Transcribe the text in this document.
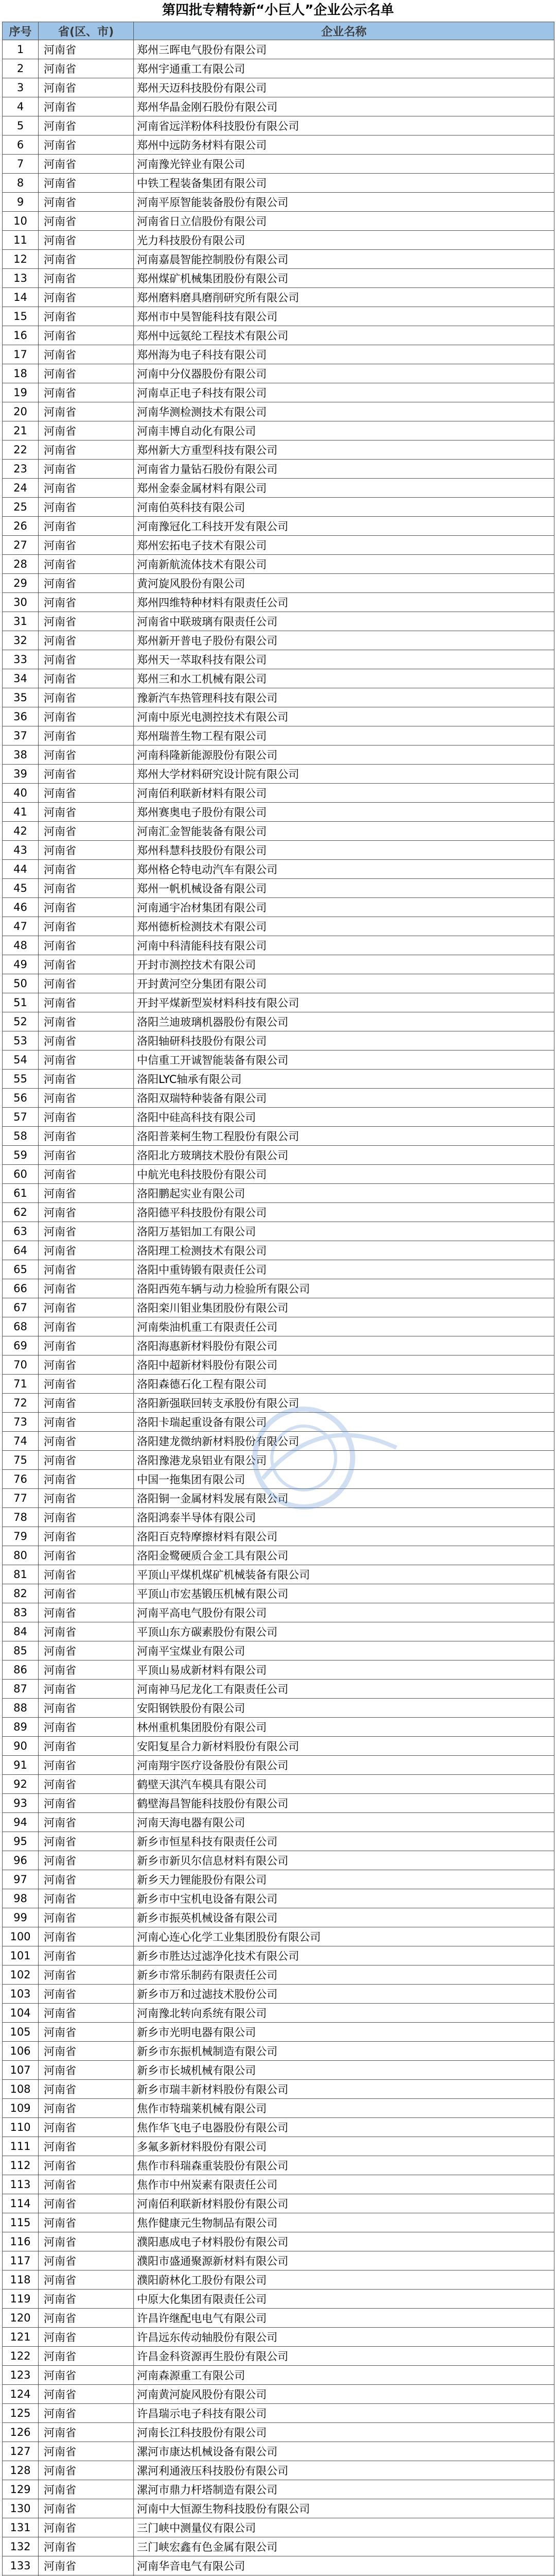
第四批专精特新“小巨人”企业公示名单
序号	省(区、市)	企业名称
1	河南省	郑州三晖电气股份有限公司
2	河南省	郑州宇通重工有限公司
3	河南省	郑州天迈科技股份有限公司
4	河南省	郑州华晶金刚石股份有限公司
5	河南省	河南省远洋粉体科技股份有限公司
6	河南省	郑州中远防务材料有限公司
7	河南省	河南豫光锌业有限公司
8	河南省	中铁工程装备集团有限公司
9	河南省	河南平原智能装备股份有限公司
10	河南省	河南省日立信股份有限公司
11	河南省	光力科技股份有限公司
12	河南省	河南嘉晨智能控制股份有限公司
13	河南省	郑州煤矿机械集团股份有限公司
14	河南省	郑州磨料磨具磨削研究所有限公司
15	河南省	郑州市中昊智能科技有限公司
16	河南省	郑州中远氨纶工程技术有限公司
17	河南省	郑州海为电子科技有限公司
18	河南省	河南中分仪器股份有限公司
19	河南省	河南卓正电子科技有限公司
20	河南省	河南华测检测技术有限公司
21	河南省	河南丰博自动化有限公司
22	河南省	郑州新大方重型科技有限公司
23	河南省	河南省力量钻石股份有限公司
24	河南省	郑州金泰金属材料有限公司
25	河南省	河南伯英科技有限公司
26	河南省	河南豫冠化工科技开发有限公司
27	河南省	郑州宏拓电子技术有限公司
28	河南省	河南新航流体技术有限公司
29	河南省	黄河旋风股份有限公司
30	河南省	郑州四维特种材料有限责任公司
31	河南省	河南省中联玻璃有限责任公司
32	河南省	郑州新开普电子股份有限公司
33	河南省	郑州天一萃取科技有限公司
34	河南省	郑州三和水工机械有限公司
35	河南省	豫新汽车热管理科技有限公司
36	河南省	河南中原光电测控技术有限公司
37	河南省	郑州瑞普生物工程有限公司
38	河南省	河南科隆新能源股份有限公司
39	河南省	郑州大学材料研究设计院有限公司
40	河南省	河南佰利联新材料有限公司
41	河南省	郑州赛奥电子股份有限公司
42	河南省	河南汇金智能装备有限公司
43	河南省	郑州科慧科技股份有限公司
44	河南省	郑州格仑特电动汽车有限公司
45	河南省	郑州一帆机械设备有限公司
46	河南省	河南通宇冶材集团有限公司
47	河南省	郑州德析检测技术有限公司
48	河南省	河南中科清能科技有限公司
49	河南省	开封市测控技术有限公司
50	河南省	开封黄河空分集团有限公司
51	河南省	开封平煤新型炭材料科技有限公司
52	河南省	洛阳兰迪玻璃机器股份有限公司
53	河南省	洛阳轴研科技股份有限公司
54	河南省	中信重工开诚智能装备有限公司
55	河南省	洛阳LYC轴承有限公司
56	河南省	洛阳双瑞特种装备有限公司
57	河南省	洛阳中硅高科技有限公司
58	河南省	洛阳普莱柯生物工程股份有限公司
59	河南省	洛阳北方玻璃技术股份有限公司
60	河南省	中航光电科技股份有限公司
61	河南省	洛阳鹏起实业有限公司
62	河南省	洛阳德平科技股份有限公司
63	河南省	洛阳万基铝加工有限公司
64	河南省	洛阳理工检测技术有限公司
65	河南省	洛阳中重铸锻有限责任公司
66	河南省	洛阳西苑车辆与动力检验所有限公司
67	河南省	洛阳栾川钼业集团股份有限公司
68	河南省	河南柴油机重工有限责任公司
69	河南省	洛阳海惠新材料股份有限公司
70	河南省	洛阳中超新材料股份有限公司
71	河南省	洛阳森德石化工程有限公司
72	河南省	洛阳新强联回转支承股份有限公司
73	河南省	洛阳卡瑞起重设备有限公司
74	河南省	洛阳建龙微纳新材料股份有限公司
75	河南省	洛阳豫港龙泉铝业有限公司
76	河南省	中国一拖集团有限公司
77	河南省	洛阳铜一金属材料发展有限公司
78	河南省	洛阳鸿泰半导体有限公司
79	河南省	洛阳百克特摩擦材料有限公司
80	河南省	洛阳金鹭硬质合金工具有限公司
81	河南省	平顶山平煤机煤矿机械装备有限公司
82	河南省	平顶山市宏基锻压机械有限公司
83	河南省	河南平高电气股份有限公司
84	河南省	平顶山东方碳素股份有限公司
85	河南省	河南平宝煤业有限公司
86	河南省	平顶山易成新材料有限公司
87	河南省	河南神马尼龙化工有限责任公司
88	河南省	安阳钢铁股份有限公司
89	河南省	林州重机集团股份有限公司
90	河南省	安阳复星合力新材料股份有限公司
91	河南省	河南翔宇医疗设备股份有限公司
92	河南省	鹤壁天淇汽车模具有限公司
93	河南省	鹤壁海昌智能科技股份有限公司
94	河南省	河南天海电器有限公司
95	河南省	新乡市恒星科技有限责任公司
96	河南省	新乡市新贝尔信息材料有限公司
97	河南省	新乡天力锂能股份有限公司
98	河南省	新乡市中宝机电设备有限公司
99	河南省	新乡市振英机械设备有限公司
100	河南省	河南心连心化学工业集团股份有限公司
101	河南省	新乡市胜达过滤净化技术有限公司
102	河南省	新乡市常乐制药有限责任公司
103	河南省	新乡市万和过滤技术股份公司
104	河南省	河南豫北转向系统有限公司
105	河南省	新乡市光明电器有限公司
106	河南省	新乡市东振机械制造有限公司
107	河南省	新乡市长城机械有限公司
108	河南省	新乡市瑞丰新材料股份有限公司
109	河南省	焦作市特瑞莱机械有限公司
110	河南省	焦作华飞电子电器股份有限公司
111	河南省	多氟多新材料股份有限公司
112	河南省	焦作市科瑞森重装股份有限公司
113	河南省	焦作市中州炭素有限责任公司
114	河南省	河南佰利联新材料股份有限公司
115	河南省	焦作健康元生物制品有限公司
116	河南省	濮阳惠成电子材料股份有限公司
117	河南省	濮阳市盛通聚源新材料有限公司
118	河南省	濮阳蔚林化工股份有限公司
119	河南省	中原大化集团有限责任公司
120	河南省	许昌许继配电电气有限公司
121	河南省	许昌远东传动轴股份有限公司
122	河南省	许昌金科资源再生股份有限公司
123	河南省	河南森源重工有限公司
124	河南省	河南黄河旋风股份有限公司
125	河南省	许昌瑞示电子科技有限公司
126	河南省	河南长江科技股份有限公司
127	河南省	漯河市康达机械设备有限公司
128	河南省	漯河利通液压科技股份有限公司
129	河南省	漯河市鼎力杆塔制造有限公司
130	河南省	河南中大恒源生物科技股份有限公司
131	河南省	三门峡中测量仪有限公司
132	河南省	三门峡宏鑫有色金属有限公司
133	河南省	河南华音电气有限公司
